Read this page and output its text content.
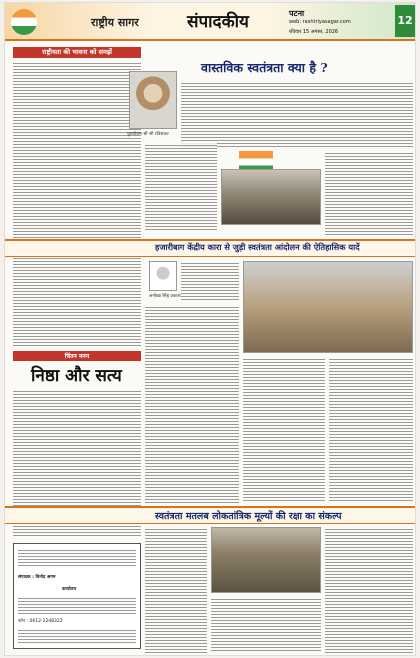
राष्ट्रीय सागर	संपादकीय	पटना
web: rashtriyasagar.com
रविवार 15 अगस्त, 2026
12
राष्ट्रीयता की भावना को समझें
पुरुषोत्तम श्री श्री रविशंकर
वास्तविक स्वतंत्रता क्या है ?
हजारीबाग केंद्रीय कारा से जुड़ी स्वतंत्रता आंदोलन की ऐतिहासिक यादें
अनोखा सिंह प्रकाश
चिंतन मनन
निष्ठा और सत्य
संपादक : विनोद अगम
कार्यालय
फोन : 0612-2248322
स्वतंत्रता मतलब लोकतांत्रिक मूल्यों की रक्षा का संकल्प
